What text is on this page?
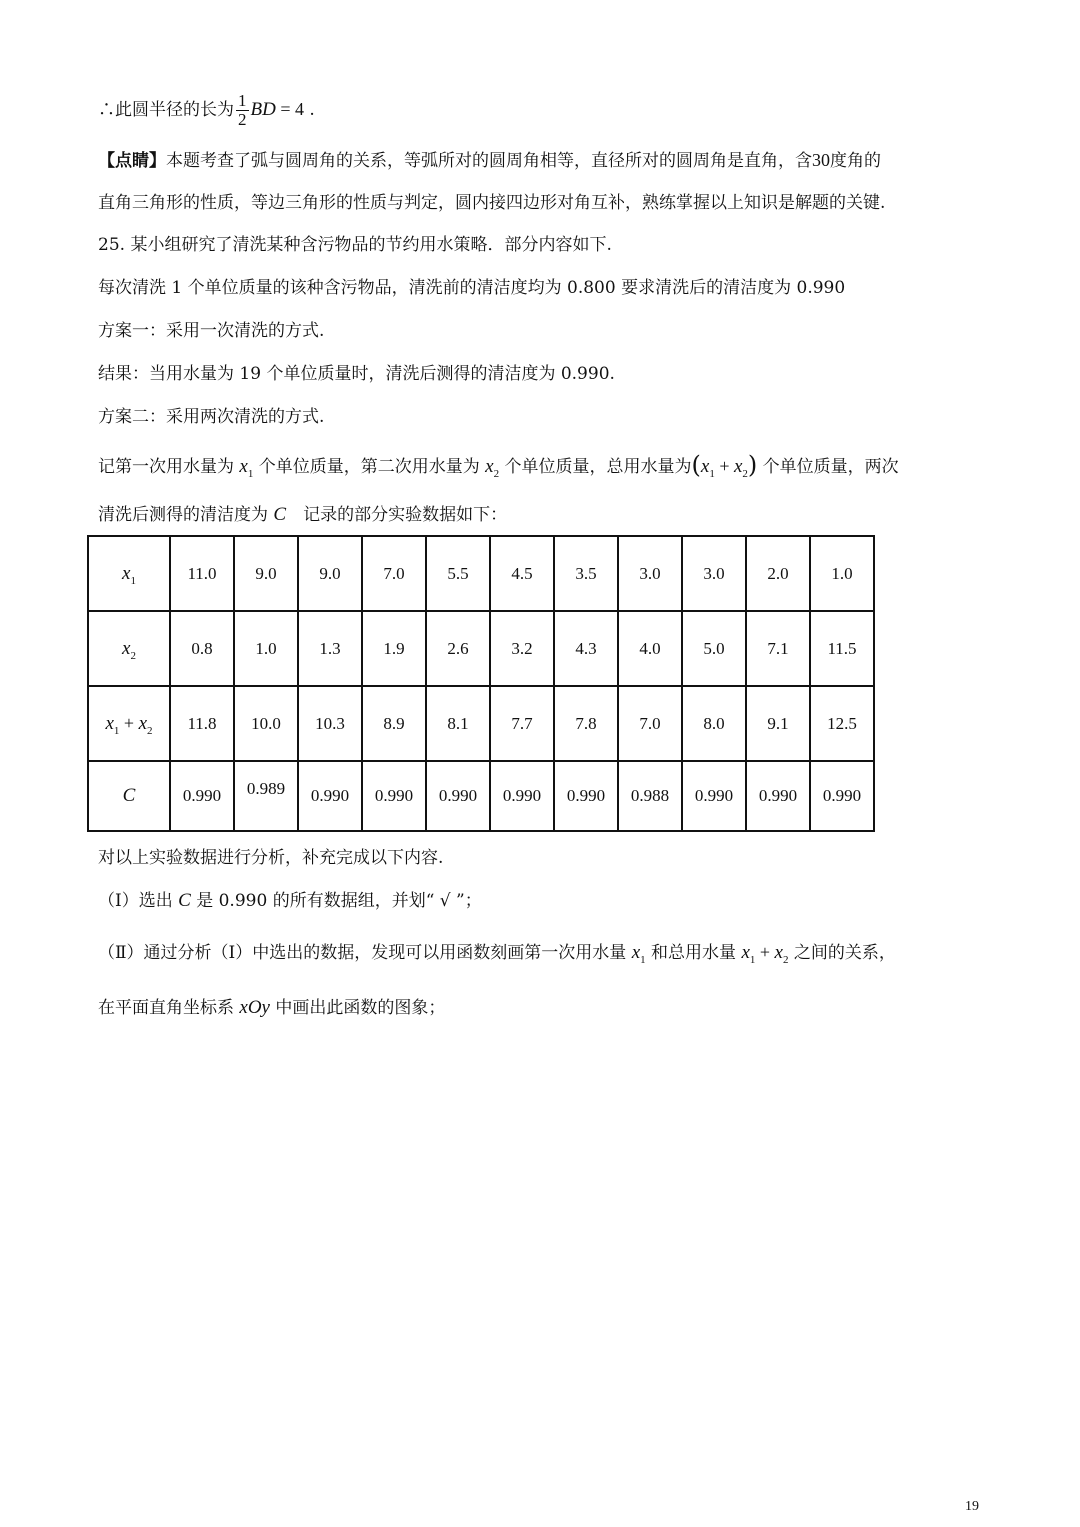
∴此圆半径的长为 $\frac{1}{2}$ BD = 4 .
【点睛】本题考查了弧与圆周角的关系，等弧所对的圆周角相等，直径所对的圆周角是直角，含30度角的
直角三角形的性质，等边三角形的性质与判定，圆内接四边形对角互补，熟练掌握以上知识是解题的关键.
25. 某小组研究了清洗某种含污物品的节约用水策略．部分内容如下.
每次清洗 1 个单位质量的该种含污物品，清洗前的清洁度均为 0.800 要求清洗后的清洁度为 0.990
方案一：采用一次清洗的方式.
结果：当用水量为 19 个单位质量时，清洗后测得的清洁度为 0.990.
方案二：采用两次清洗的方式.
记第一次用水量为 $x_1$ 个单位质量，第二次用水量为 $x_2$ 个单位质量，总用水量为$(x_1 + x_2)$ 个单位质量，两次
清洗后测得的清洁度为 C　记录的部分实验数据如下：
$x_1$	11.0	9.0	9.0	7.0	5.5	4.5	3.5	3.0	3.0	2.0	1.0
$x_2$	0.8	1.0	1.3	1.9	2.6	3.2	4.3	4.0	5.0	7.1	11.5
$x_1 + x_2$	11.8	10.0	10.3	8.9	8.1	7.7	7.8	7.0	8.0	9.1	12.5
C	0.990	0.989	0.990	0.990	0.990	0.990	0.990	0.988	0.990	0.990	0.990
对以上实验数据进行分析，补充完成以下内容.
（Ⅰ）选出 C 是 0.990 的所有数据组，并划“ √ ”；
（Ⅱ）通过分析（Ⅰ）中选出的数据，发现可以用函数刻画第一次用水量 $x_1$ 和总用水量 $x_1 + x_2$ 之间的关系，
在平面直角坐标系 xOy 中画出此函数的图象；
19
